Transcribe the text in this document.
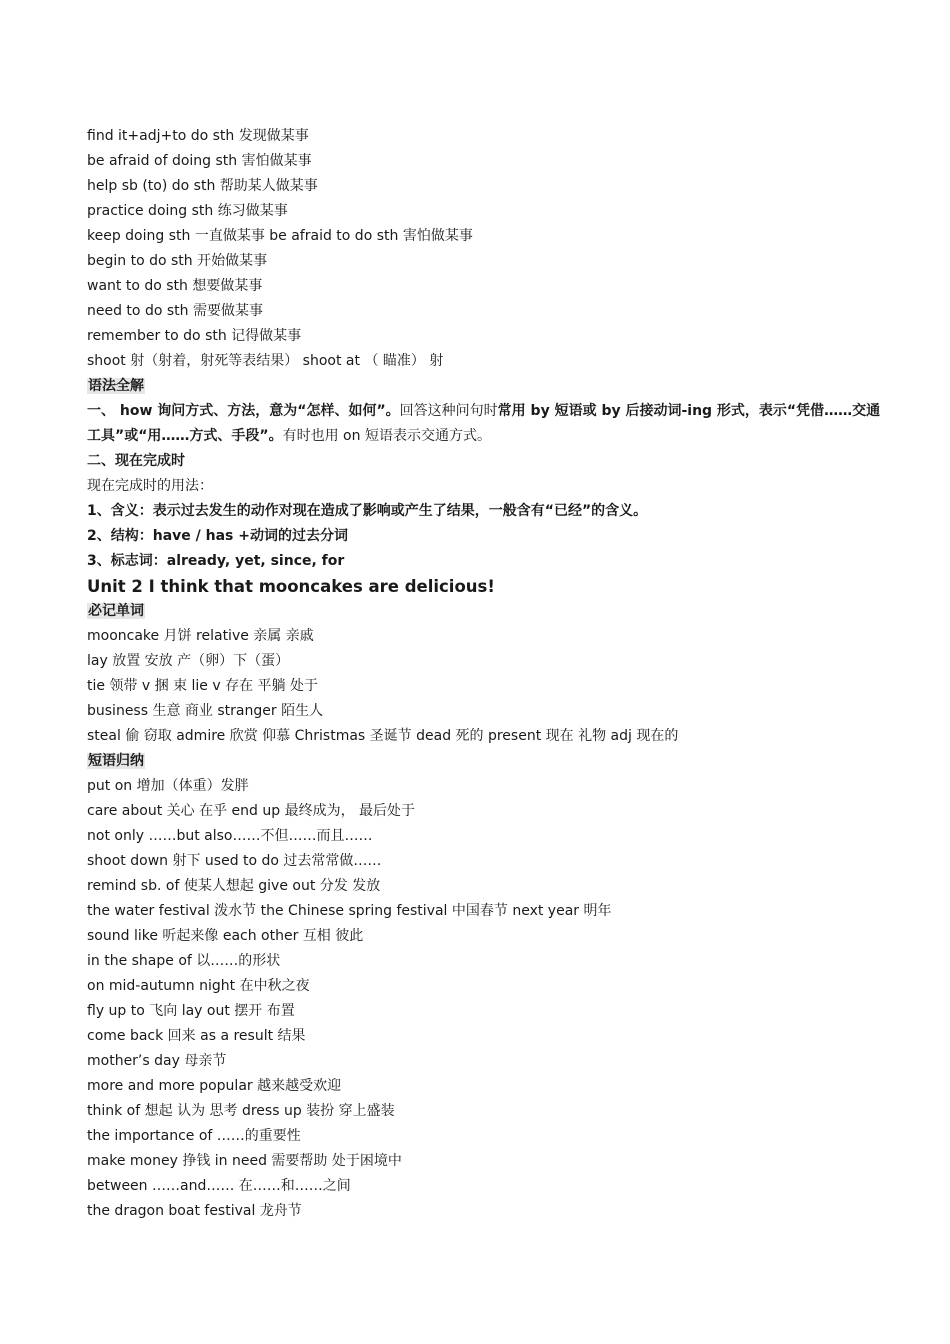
find it+adj+to do sth 发现做某事
be afraid of doing sth 害怕做某事
help sb (to) do sth 帮助某人做某事
practice doing sth 练习做某事
keep doing sth 一直做某事 be afraid to do sth 害怕做某事
begin to do sth 开始做某事
want to do sth 想要做某事
need to do sth 需要做某事
remember to do sth 记得做某事
shoot 射（射着，射死等表结果） shoot at （ 瞄准） 射
语法全解
一、 how 询问方式、方法，意为“怎样、如何”。回答这种问句时常用 by 短语或 by 后接动词-ing 形式，表示“凭借……交通工具”或“用……方式、手段”。有时也用 on 短语表示交通方式。
二、现在完成时
现在完成时的用法：
1、含义：表示过去发生的动作对现在造成了影响或产生了结果，一般含有“已经”的含义。
2、结构：have / has +动词的过去分词
3、标志词：already, yet, since, for
Unit 2 I think that mooncakes are delicious!
必记单词
mooncake 月饼 relative 亲属 亲戚
lay 放置 安放 产（卵）下（蛋）
tie 领带 v 捆 束 lie v 存在 平躺 处于
business 生意 商业 stranger 陌生人
steal 偷 窃取 admire 欣赏 仰慕 Christmas 圣诞节 dead 死的 present 现在 礼物 adj 现在的
短语归纳
put on 增加（体重）发胖
care about 关心 在乎 end up 最终成为， 最后处于
not only ……but also……不但……而且……
shoot down 射下 used to do 过去常常做……
remind sb. of 使某人想起 give out 分发 发放
the water festival 泼水节 the Chinese spring festival 中国春节 next year 明年
sound like 听起来像 each other 互相 彼此
in the shape of 以……的形状
on mid-autumn night 在中秋之夜
fly up to 飞向 lay out 摆开 布置
come back 回来 as a result 结果
mother’s day 母亲节
more and more popular 越来越受欢迎
think of 想起 认为 思考 dress up 装扮 穿上盛装
the importance of ……的重要性
make money 挣钱 in need 需要帮助 处于困境中
between ……and…… 在……和……之间
the dragon boat festival 龙舟节
